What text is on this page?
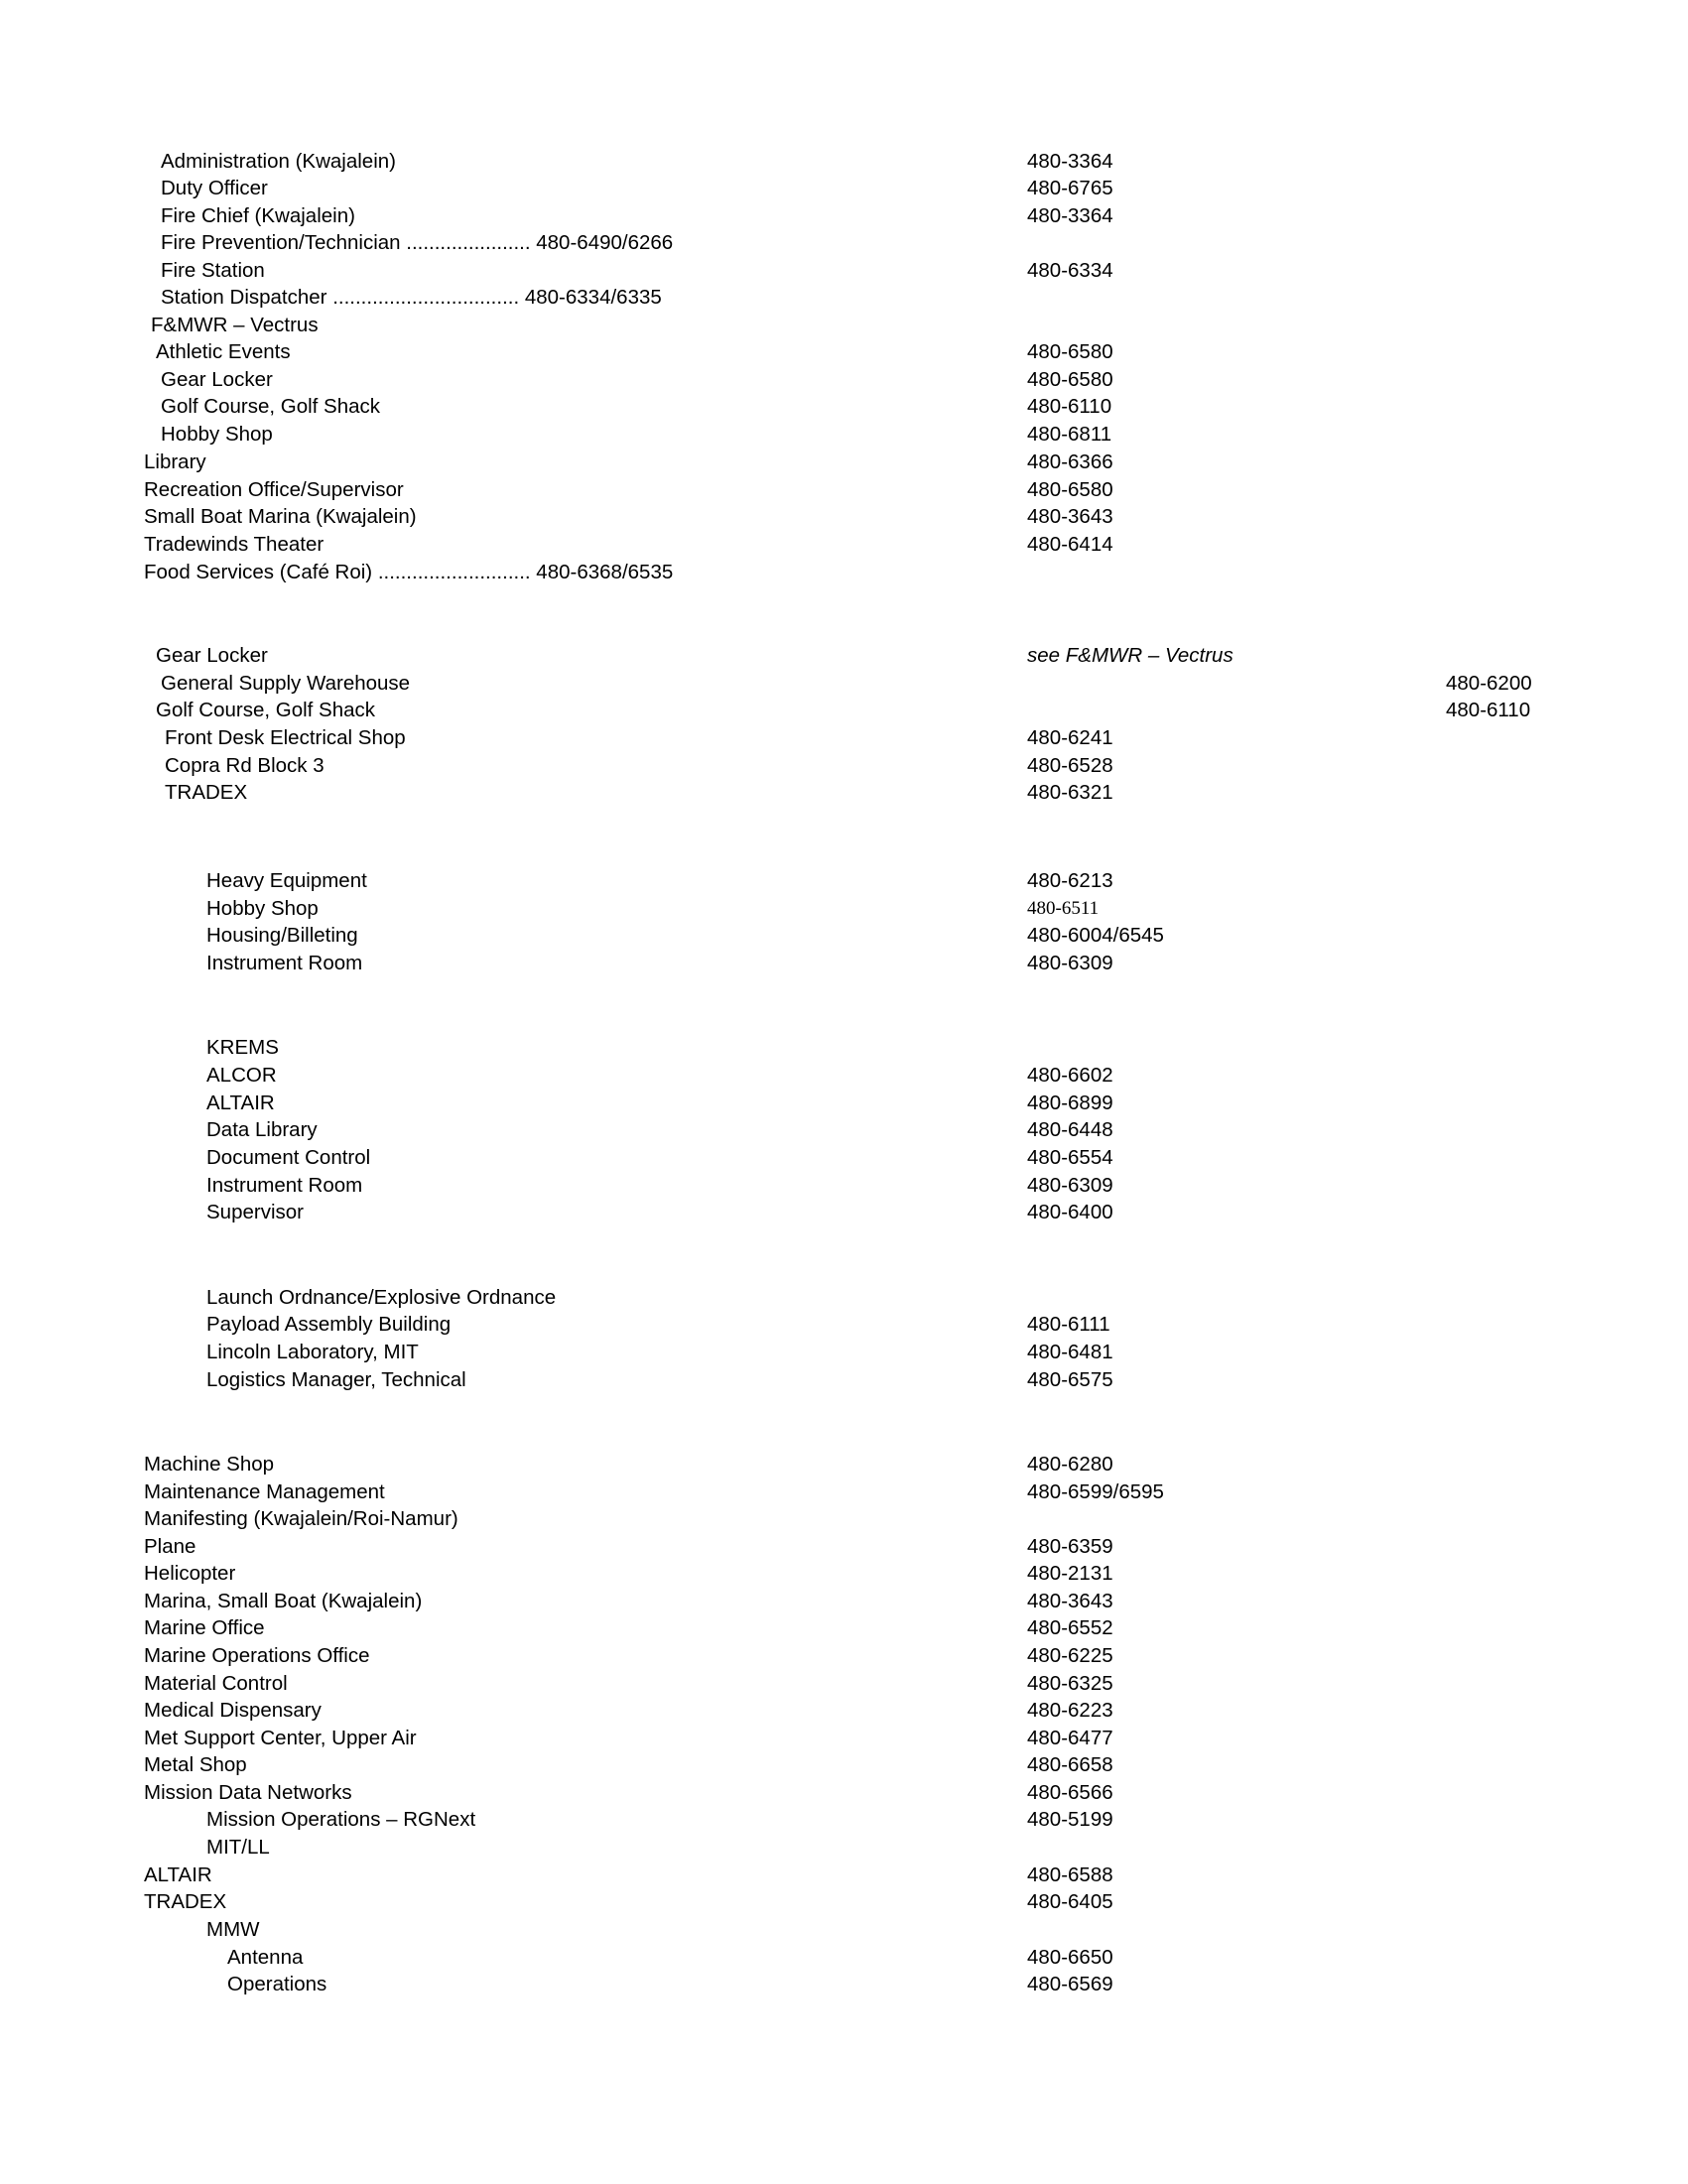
Administration (Kwajalein)	480-3364
Duty Officer	480-6765
Fire Chief (Kwajalein)	480-3364
Fire Prevention/Technician ...................... 480-6490/6266
Fire Station	480-6334
Station Dispatcher ................................. 480-6334/6335
F&MWR – Vectrus
Athletic Events	480-6580
Gear Locker	480-6580
Golf Course, Golf Shack	480-6110
Hobby Shop	480-6811
Library	480-6366
Recreation Office/Supervisor	480-6580
Small Boat Marina (Kwajalein)	480-3643
Tradewinds Theater	480-6414
Food Services (Café Roi) ........................... 480-6368/6535
Gear Locker	see F&MWR – Vectrus
General Supply Warehouse	480-6200
Golf Course, Golf Shack	480-6110
Front Desk Electrical Shop	480-6241
Copra Rd Block 3	480-6528
TRADEX	480-6321
Heavy Equipment	480-6213
Hobby Shop	480-6511
Housing/Billeting	480-6004/6545
Instrument Room	480-6309
KREMS
ALCOR	480-6602
ALTAIR	480-6899
Data Library	480-6448
Document Control	480-6554
Instrument Room	480-6309
Supervisor	480-6400
Launch Ordnance/Explosive Ordnance
Payload Assembly Building	480-6111
Lincoln Laboratory, MIT	480-6481
Logistics Manager, Technical	480-6575
Machine Shop	480-6280
Maintenance Management	480-6599/6595
Manifesting (Kwajalein/Roi-Namur)
Plane	480-6359
Helicopter	480-2131
Marina, Small Boat (Kwajalein)	480-3643
Marine Office	480-6552
Marine Operations Office	480-6225
Material Control	480-6325
Medical Dispensary	480-6223
Met Support Center, Upper Air	480-6477
Metal Shop	480-6658
Mission Data Networks	480-6566
Mission Operations – RGNext	480-5199
MIT/LL
ALTAIR	480-6588
TRADEX	480-6405
MMW
Antenna	480-6650
Operations	480-6569
